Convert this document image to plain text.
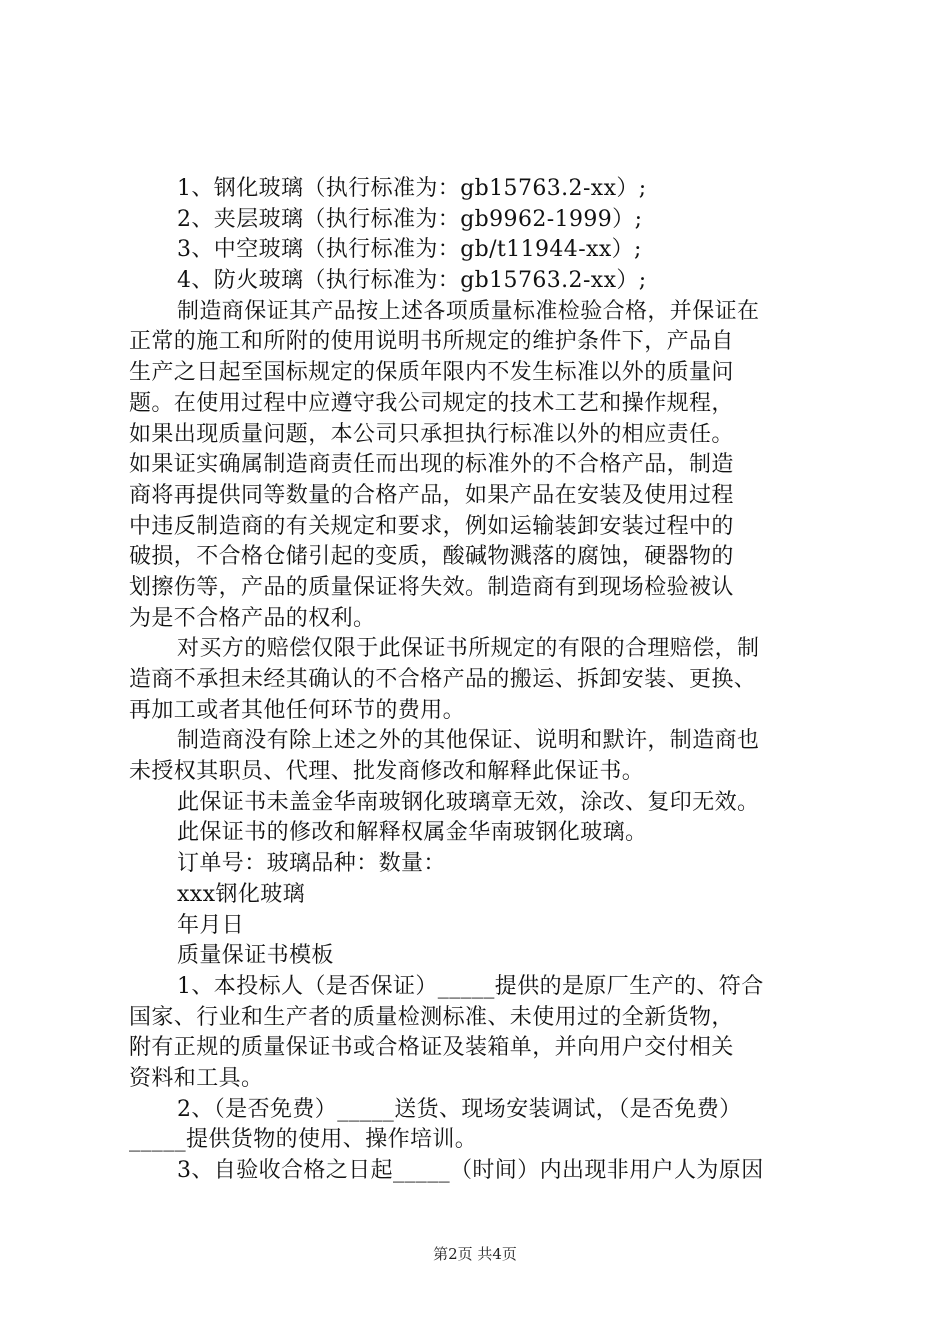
1、钢化玻璃（执行标准为：gb15763.2-xx）;
2、夹层玻璃（执行标准为：gb9962-1999）;
3、中空玻璃（执行标准为：gb/t11944-xx）;
4、防火玻璃（执行标准为：gb15763.2-xx）;
制造商保证其产品按上述各项质量标准检验合格，并保证在
正常的施工和所附的使用说明书所规定的维护条件下，产品自
生产之日起至国标规定的保质年限内不发生标准以外的质量问
题。在使用过程中应遵守我公司规定的技术工艺和操作规程，
如果出现质量问题，本公司只承担执行标准以外的相应责任。
如果证实确属制造商责任而出现的标准外的不合格产品，制造
商将再提供同等数量的合格产品，如果产品在安装及使用过程
中违反制造商的有关规定和要求，例如运输装卸安装过程中的
破损，不合格仓储引起的变质，酸碱物溅落的腐蚀，硬器物的
划擦伤等，产品的质量保证将失效。制造商有到现场检验被认
为是不合格产品的权利。
对买方的赔偿仅限于此保证书所规定的有限的合理赔偿，制
造商不承担未经其确认的不合格产品的搬运、拆卸安装、更换、
再加工或者其他任何环节的费用。
制造商没有除上述之外的其他保证、说明和默许，制造商也
未授权其职员、代理、批发商修改和解释此保证书。
此保证书未盖金华南玻钢化玻璃章无效，涂改、复印无效。
此保证书的修改和解释权属金华南玻钢化玻璃。
订单号：玻璃品种：数量：
xxx钢化玻璃
年月日
质量保证书模板
1、本投标人（是否保证）_____提供的是原厂生产的、符合
国家、行业和生产者的质量检测标准、未使用过的全新货物，
附有正规的质量保证书或合格证及装箱单，并向用户交付相关
资料和工具。
2、（是否免费）_____送货、现场安装调试，（是否免费）
_____提供货物的使用、操作培训。
3、自验收合格之日起_____（时间）内出现非用户人为原因
第2页 共4页
